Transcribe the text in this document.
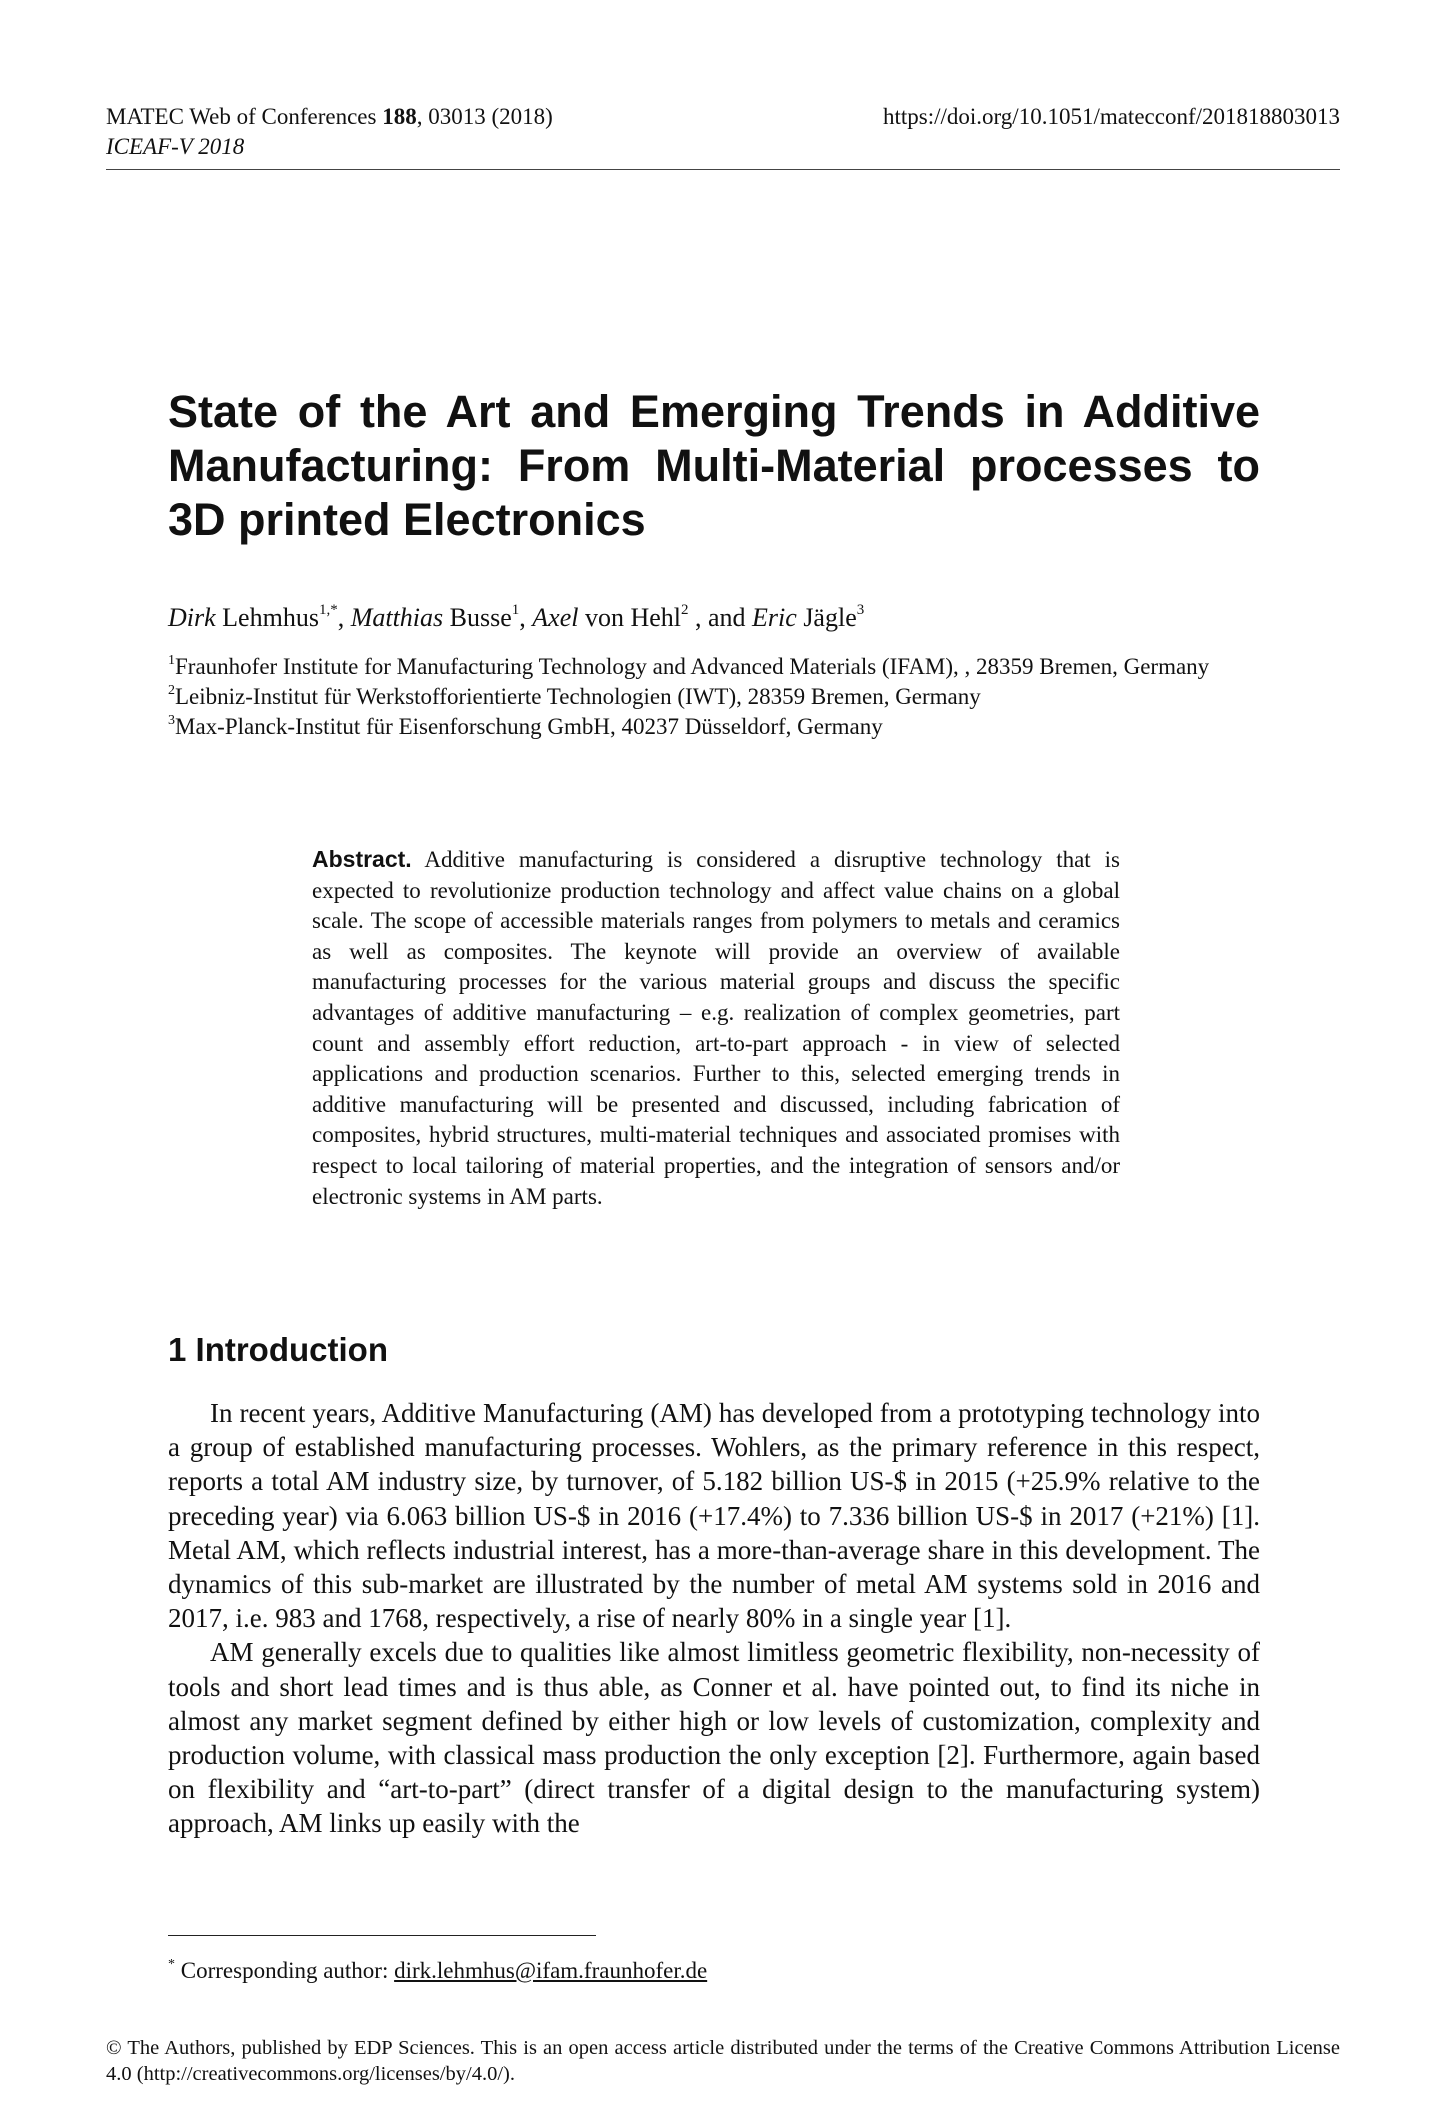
MATEC Web of Conferences 188, 03013 (2018)
ICEAF-V 2018
https://doi.org/10.1051/matecconf/201818803013
State of the Art and Emerging Trends in Additive Manufacturing: From Multi-Material processes to 3D printed Electronics
Dirk Lehmhus$^{1,*}$, Matthias Busse$^1$, Axel von Hehl$^2$ , and Eric Jägle$^3$

$^1$Fraunhofer Institute for Manufacturing Technology and Advanced Materials (IFAM), , 28359 Bremen, Germany

$^2$Leibniz-Institut für Werkstofforientierte Technologien (IWT), 28359 Bremen, Germany

$^3$Max-Planck-Institut für Eisenforschung GmbH, 40237 Düsseldorf, Germany

Abstract. Additive manufacturing is considered a disruptive technology that is expected to revolutionize production technology and affect value chains on a global scale. The scope of accessible materials ranges from polymers to metals and ceramics as well as composites. The keynote will provide an overview of available manufacturing processes for the various material groups and discuss the specific advantages of additive manufacturing – e.g. realization of complex geometries, part count and assembly effort reduction, art-to-part approach - in view of selected applications and production scenarios. Further to this, selected emerging trends in additive manufacturing will be presented and discussed, including fabrication of composites, hybrid structures, multi-material techniques and associated promises with respect to local tailoring of material properties, and the integration of sensors and/or electronic systems in AM parts.
1 Introduction

In recent years, Additive Manufacturing (AM) has developed from a prototyping technology into a group of established manufacturing processes. Wohlers, as the primary reference in this respect, reports a total AM industry size, by turnover, of 5.182 billion US-$ in 2015 (+25.9% relative to the preceding year) via 6.063 billion US-$ in 2016 (+17.4%) to 7.336 billion US-$ in 2017 (+21%) [1]. Metal AM, which reflects industrial interest, has a more-than-average share in this development. The dynamics of this sub-market are illustrated by the number of metal AM systems sold in 2016 and 2017, i.e. 983 and 1768, respectively, a rise of nearly 80% in a single year [1].

AM generally excels due to qualities like almost limitless geometric flexibility, non-necessity of tools and short lead times and is thus able, as Conner et al. have pointed out, to find its niche in almost any market segment defined by either high or low levels of customization, complexity and production volume, with classical mass production the only exception [2]. Furthermore, again based on flexibility and “art-to-part” (direct transfer of a digital design to the manufacturing system) approach, AM links up easily with the

* Corresponding author: dirk.lehmhus@ifam.fraunhofer.de
© The Authors, published by EDP Sciences. This is an open access article distributed under the terms of the Creative Commons Attribution License 4.0 (http://creativecommons.org/licenses/by/4.0/).
